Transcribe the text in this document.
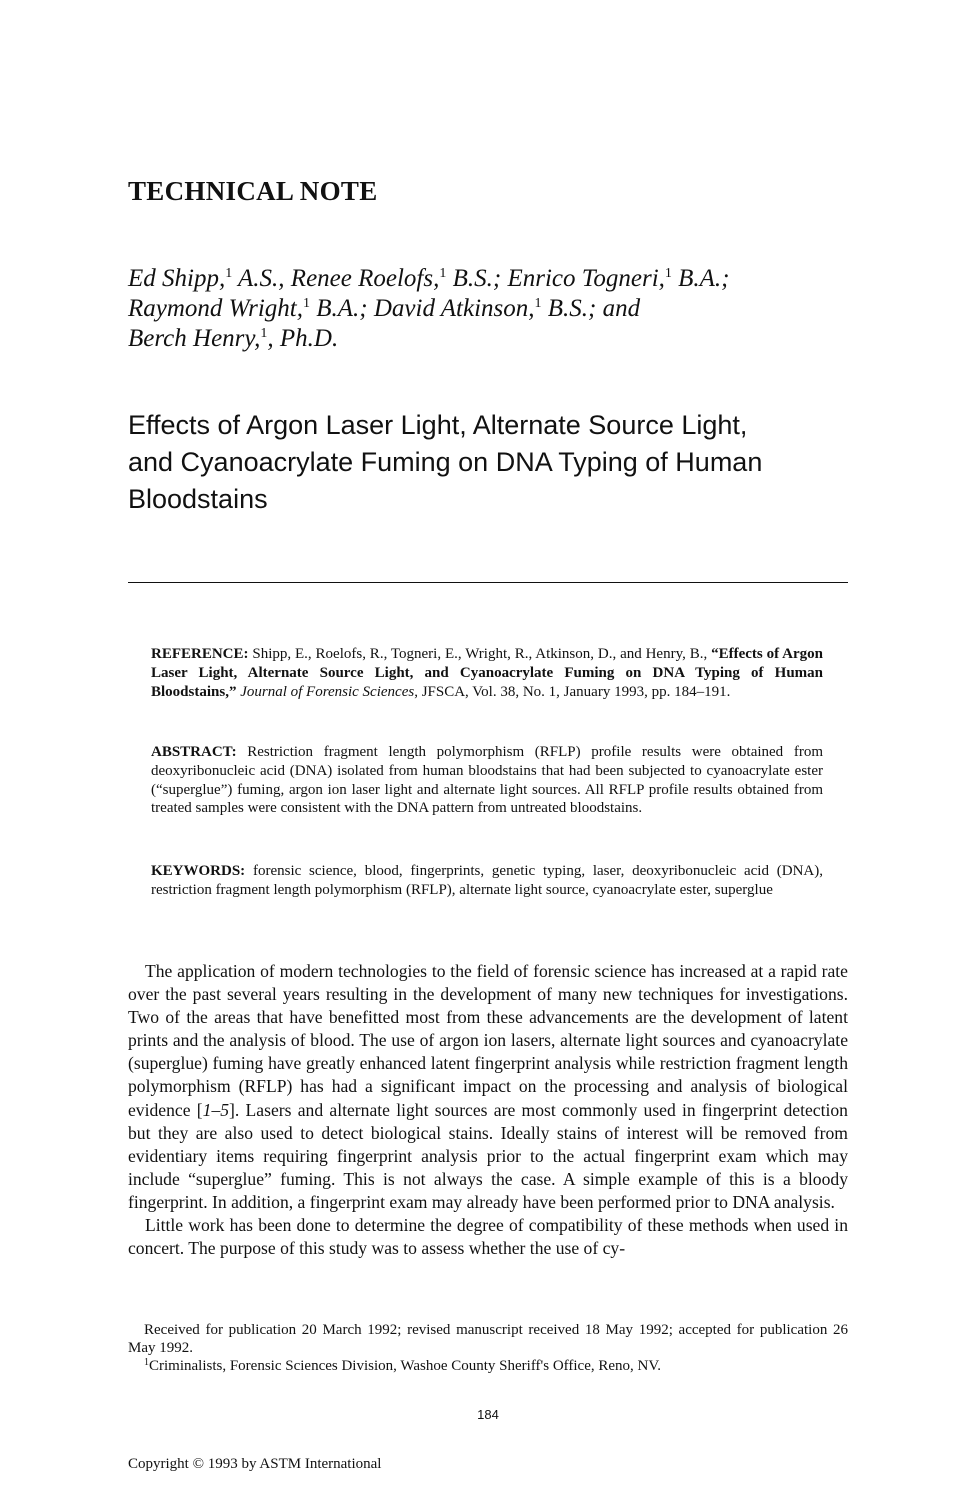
TECHNICAL NOTE
Ed Shipp,$^1$ A.S., Renee Roelofs,$^1$ B.S.; Enrico Togneri,$^1$ B.A.;
Raymond Wright,$^1$ B.A.; David Atkinson,$^1$ B.S.; and
Berch Henry,$^1$, Ph.D.
Effects of Argon Laser Light, Alternate Source Light,
and Cyanoacrylate Fuming on DNA Typing of Human
Bloodstains

REFERENCE: Shipp, E., Roelofs, R., Togneri, E., Wright, R., Atkinson, D., and Henry, B., “Effects of Argon Laser Light, Alternate Source Light, and Cyanoacrylate Fuming on DNA Typing of Human Bloodstains,” Journal of Forensic Sciences, JFSCA, Vol. 38, No. 1, January 1993, pp. 184–191.

ABSTRACT: Restriction fragment length polymorphism (RFLP) profile results were obtained from deoxyribonucleic acid (DNA) isolated from human bloodstains that had been subjected to cyanoacrylate ester (“superglue”) fuming, argon ion laser light and alternate light sources. All RFLP profile results obtained from treated samples were consistent with the DNA pattern from untreated bloodstains.

KEYWORDS: forensic science, blood, fingerprints, genetic typing, laser, deoxyribonucleic acid (DNA), restriction fragment length polymorphism (RFLP), alternate light source, cyanoacrylate ester, superglue

The application of modern technologies to the field of forensic science has increased at a rapid rate over the past several years resulting in the development of many new techniques for investigations. Two of the areas that have benefitted most from these advancements are the development of latent prints and the analysis of blood. The use of argon ion lasers, alternate light sources and cyanoacrylate (superglue) fuming have greatly enhanced latent fingerprint analysis while restriction fragment length polymorphism (RFLP) has had a significant impact on the processing and analysis of biological evidence [1–5]. Lasers and alternate light sources are most commonly used in fingerprint detection but they are also used to detect biological stains. Ideally stains of interest will be removed from evidentiary items requiring fingerprint analysis prior to the actual fingerprint exam which may include “superglue” fuming. This is not always the case. A simple example of this is a bloody fingerprint. In addition, a fingerprint exam may already have been performed prior to DNA analysis.

Little work has been done to determine the degree of compatibility of these methods when used in concert. The purpose of this study was to assess whether the use of cy-

Received for publication 20 March 1992; revised manuscript received 18 May 1992; accepted for publication 26 May 1992.

$^1$Criminalists, Forensic Sciences Division, Washoe County Sheriff's Office, Reno, NV.

184
Copyright © 1993 by ASTM International
